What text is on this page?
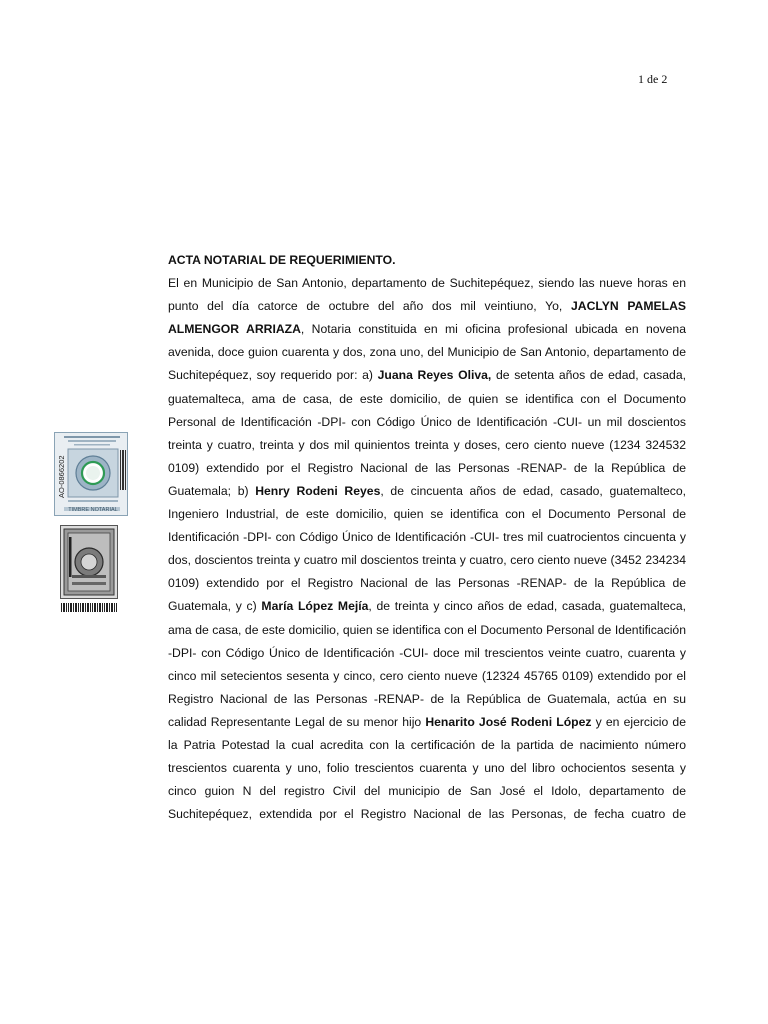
1 de 2
AO-0866202
TIMBRE NOTARIAL

ACTA NOTARIAL DE REQUERIMIENTO.

El en Municipio de San Antonio, departamento de Suchitepéquez, siendo las nueve horas en punto del día catorce de octubre del año dos mil veintiuno, Yo, JACLYN PAMELAS ALMENGOR ARRIAZA, Notaria constituida en mi oficina profesional ubicada en novena avenida, doce guion cuarenta y dos, zona uno, del Municipio de San Antonio, departamento de Suchitepéquez, soy requerido por: a) Juana Reyes Oliva, de setenta años de edad, casada, guatemalteca, ama de casa, de este domicilio, de quien se identifica con el Documento Personal de Identificación -DPI- con Código Único de Identificación -CUI- un mil doscientos treinta y cuatro, treinta y dos mil quinientos treinta y doses, cero ciento nueve (1234 324532 0109) extendido por el Registro Nacional de las Personas -RENAP- de la República de Guatemala; b) Henry Rodeni Reyes, de cincuenta años de edad, casado, guatemalteco, Ingeniero Industrial, de este domicilio, quien se identifica con el Documento Personal de Identificación -DPI- con Código Único de Identificación -CUI- tres mil cuatrocientos cincuenta y dos, doscientos treinta y cuatro mil doscientos treinta y cuatro, cero ciento nueve (3452 234234 0109) extendido por el Registro Nacional de las Personas -RENAP- de la República de Guatemala, y c) María López Mejía, de treinta y cinco años de edad, casada, guatemalteca, ama de casa, de este domicilio, quien se identifica con el Documento Personal de Identificación -DPI- con Código Único de Identificación -CUI- doce mil trescientos veinte cuatro, cuarenta y cinco mil setecientos sesenta y cinco, cero ciento nueve (12324 45765 0109) extendido por el Registro Nacional de las Personas -RENAP- de la República de Guatemala, actúa en su calidad Representante Legal de su menor hijo Henarito José Rodeni López y en ejercicio de la Patria Potestad la cual acredita con la certificación de la partida de nacimiento número trescientos cuarenta y uno, folio trescientos cuarenta y uno del libro ochocientos sesenta y cinco guion N del registro Civil del municipio de San José el Idolo, departamento de Suchitepéquez, extendida por el Registro Nacional de las Personas, de fecha cuatro de
